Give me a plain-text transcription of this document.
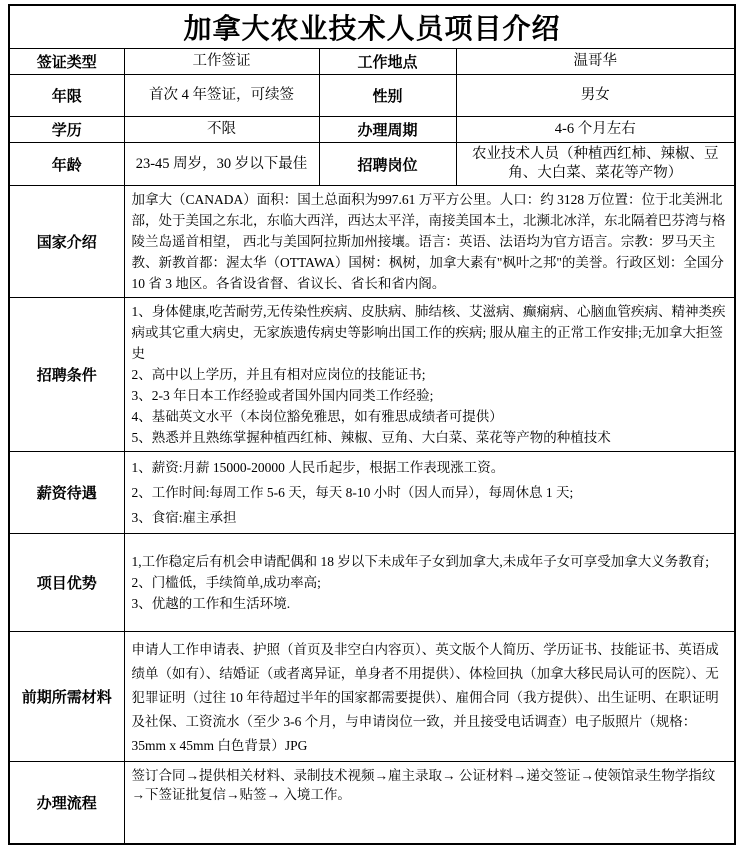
加拿大农业技术人员项目介绍			
签证类型	工作签证	工作地点	温哥华
年限	首次 4 年签证，可续签	性别	男女
学历	不限	办理周期	4-6 个月左右
年龄	23-45 周岁，30 岁以下最佳	招聘岗位	农业技术人员（种植西红柿、辣椒、豆角、大白菜、菜花等产物）
国家介绍	加拿大（CANADA）面积：国土总面积为997.61 万平方公里。人口：约 3128 万位置：位于北美洲北部，处于美国之东北，东临大西洋，西达太平洋，南接美国本土，北濒北冰洋，东北隔着巴芬湾与格陵兰岛遥首相望， 西北与美国阿拉斯加州接壤。语言：英语、法语均为官方语言。宗教：罗马天主教、新教首都：渥太华（OTTAWA）国树：枫树，加拿大素有"枫叶之邦"的美誉。行政区划：全国分 10 省 3 地区。各省设省督、省议长、省长和省内阁。		

招聘条件	1、身体健康,吃苦耐劳,无传染性疾病、皮肤病、肺结核、艾滋病、癫痫病、心脑血管疾病、精神类疾病或其它重大病史，无家族遗传病史等影响出国工作的疾病; 服从雇主的正常工作安排;无加拿大拒签史
2、高中以上学历，并且有相对应岗位的技能证书;
3、2-3 年日本工作经验或者国外国内同类工作经验;
4、基础英文水平（本岗位豁免雅思，如有雅思成绩者可提供）
5、熟悉并且熟练掌握种植西红柿、辣椒、豆角、大白菜、菜花等产物的种植技术		

薪资待遇	1、薪资:月薪 15000-20000 人民币起步，根据工作表现涨工资。
2、工作时间:每周工作 5-6 天，每天 8-10 小时（因人而异），每周休息 1 天;
3、食宿:雇主承担		

项目优势	1,工作稳定后有机会申请配偶和 18 岁以下未成年子女到加拿大,未成年子女可享受加拿大义务教育;
2、门槛低，手续简单,成功率高;
3、优越的工作和生活环境.		

前期所需材料	申请人工作申请表、护照（首页及非空白内容页）、英文版个人简历、学历证书、技能证书、英语成绩单（如有）、结婚证（或者离异证，单身者不用提供）、体检回执（加拿大移民局认可的医院）、无犯罪证明（过往 10 年待超过半年的国家都需要提供）、雇佣合同（我方提供）、出生证明、在职证明及社保、工资流水（至少 3-6 个月，与申请岗位一致，并且接受电话调查）电子版照片（规格：35mm x 45mm 白色背景）JPG		

办理流程	签订合同→提供相关材料、录制技术视频→雇主录取→ 公证材料→递交签证→使领馆录生物学指纹→下签证批复信→贴签→ 入境工作。		
